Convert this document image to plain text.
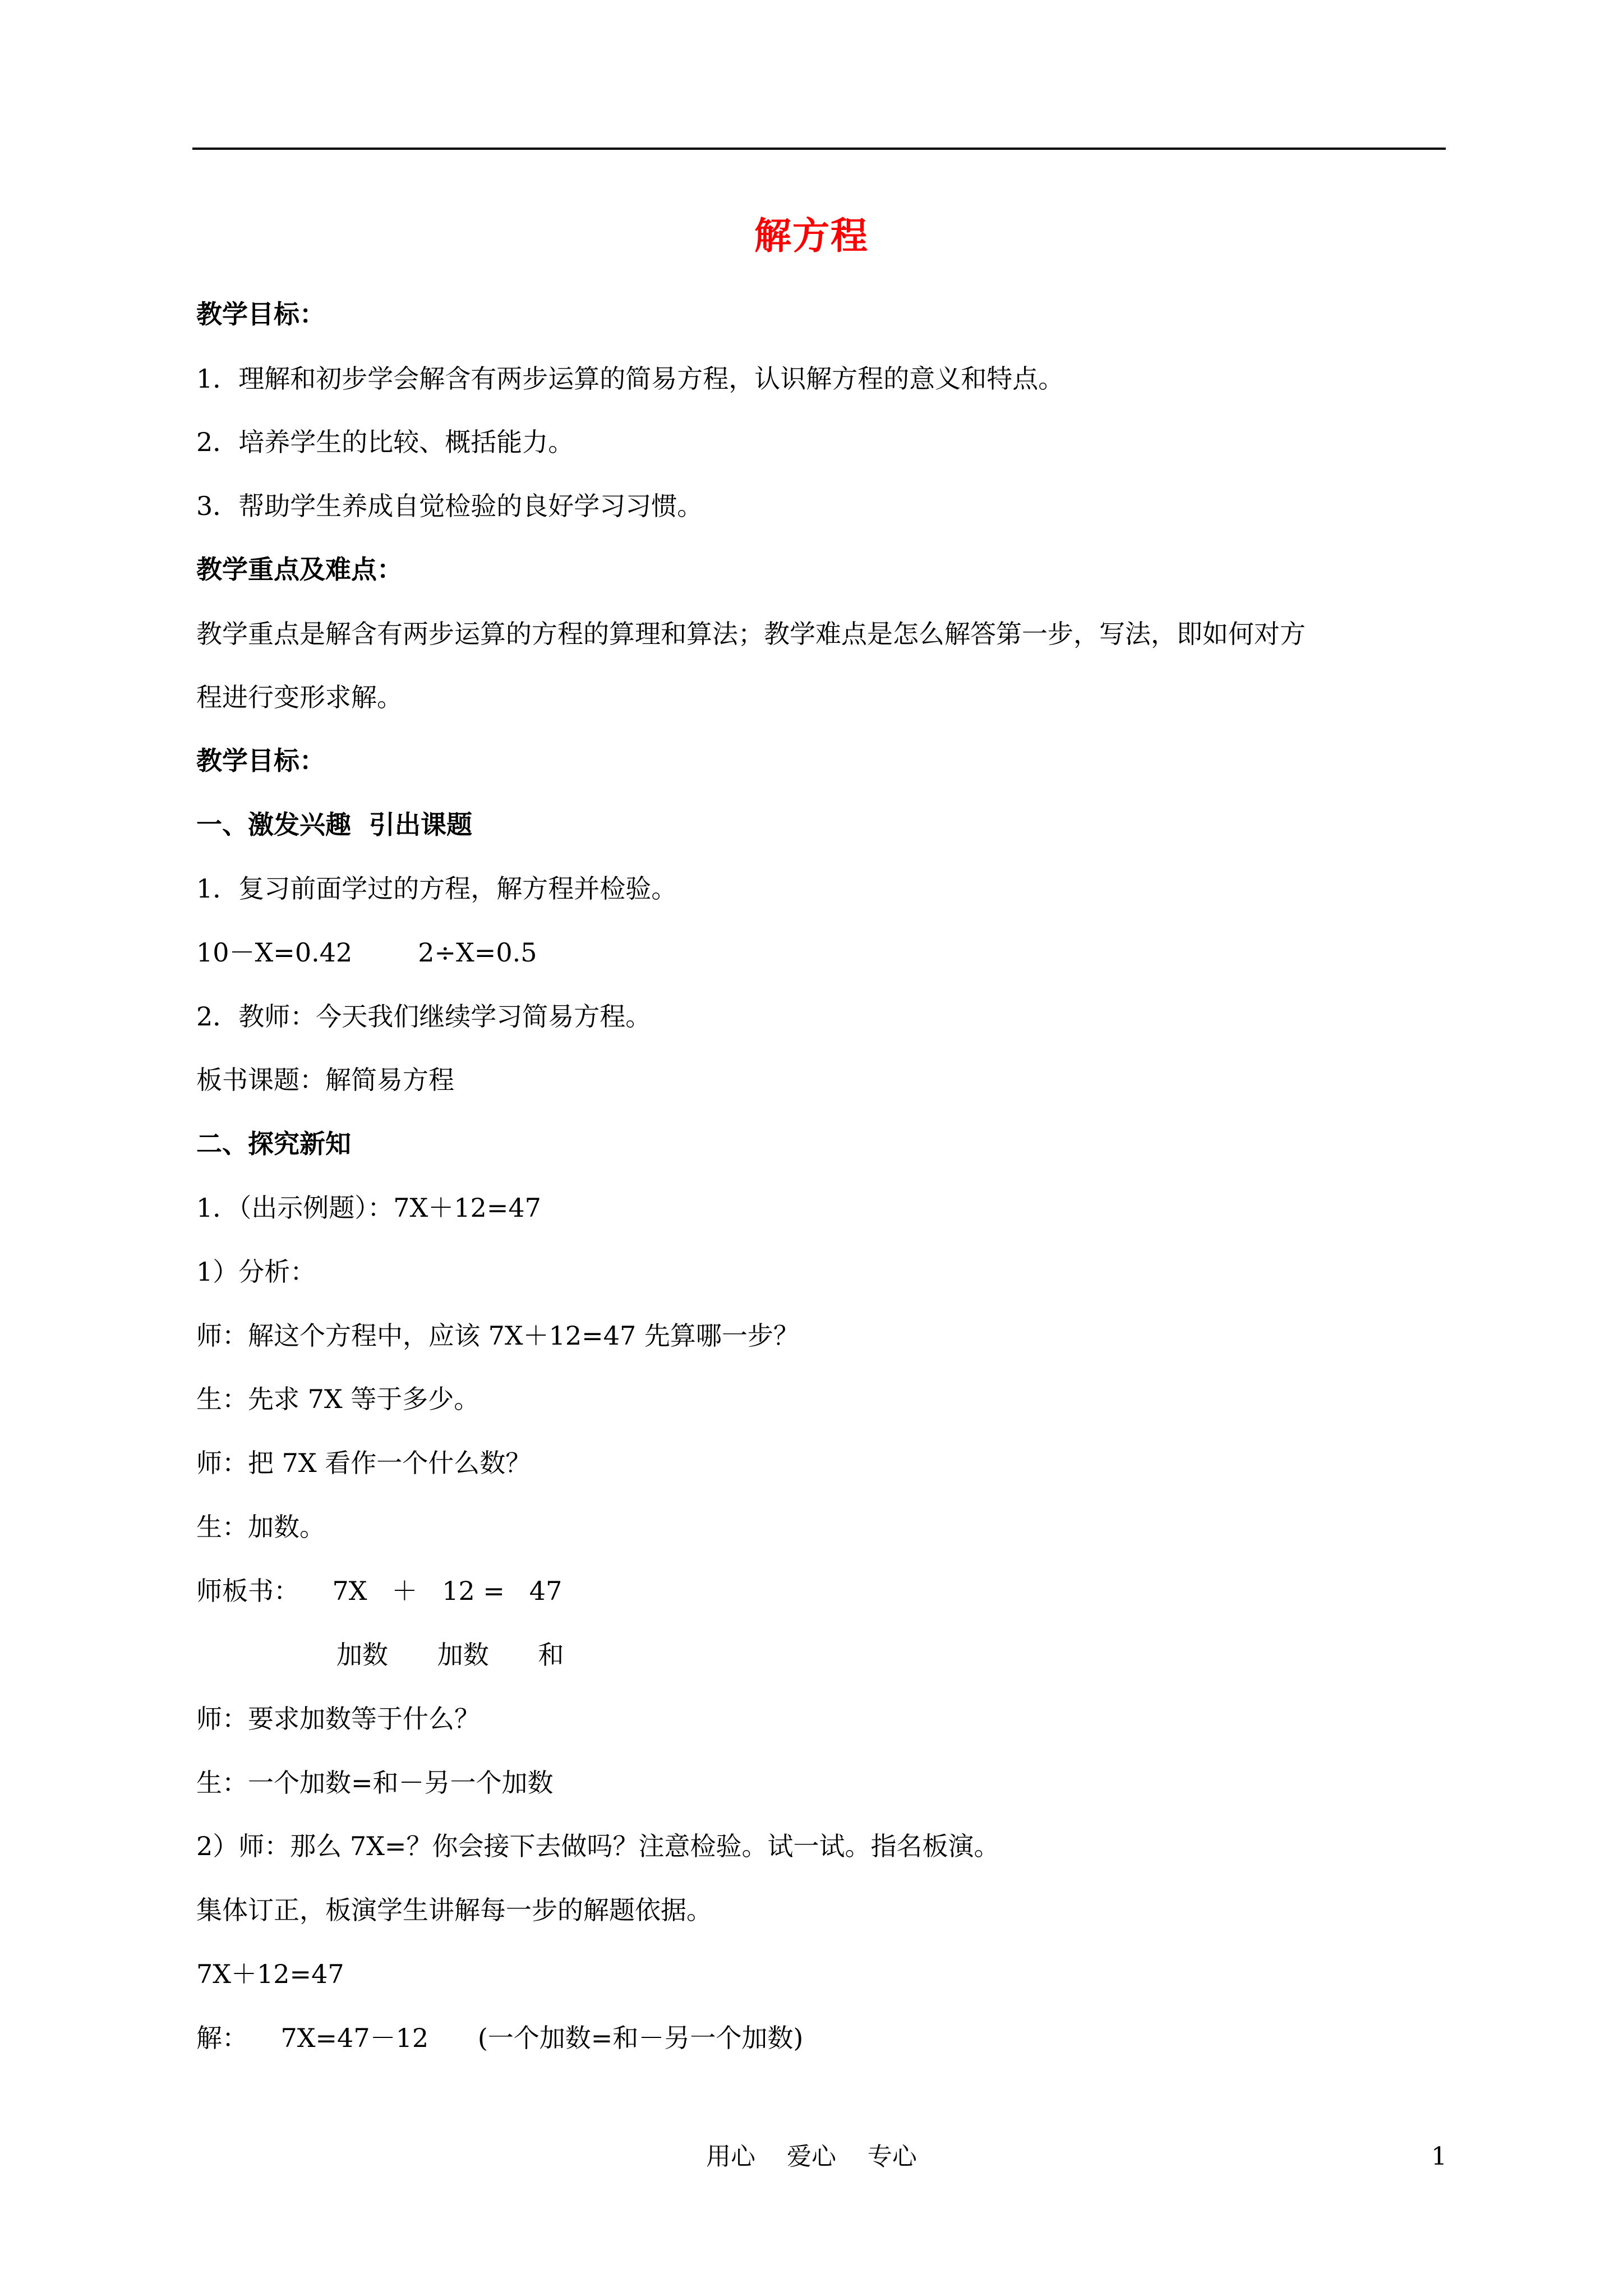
解方程
教学目标：
1．理解和初步学会解含有两步运算的简易方程，认识解方程的意义和特点。
2．培养学生的比较、概括能力。
3．帮助学生养成自觉检验的良好学习习惯。
教学重点及难点：
教学重点是解含有两步运算的方程的算理和算法；教学难点是怎么解答第一步，写法，即如何对方
程进行变形求解。
教学目标：
一、激发兴趣  引出课题
1．复习前面学过的方程，解方程并检验。
10－X=0.42        2÷X=0.5
2．教师：今天我们继续学习简易方程。
板书课题：解简易方程
二、探究新知
1．（出示例题）：7X＋12=47
1）分析：
师：解这个方程中，应该 7X＋12=47 先算哪一步？
生：先求 7X 等于多少。
师：把 7X 看作一个什么数？
生：加数。
师板书：    7X   ＋   12 =   47
加数      加数      和
师：要求加数等于什么？
生：一个加数=和－另一个加数
2）师：那么 7X=？你会接下去做吗？注意检验。试一试。指名板演。
集体订正，板演学生讲解每一步的解题依据。
7X＋12=47
解：    7X=47－12      (一个加数=和－另一个加数)
用心    爱心    专心	1
